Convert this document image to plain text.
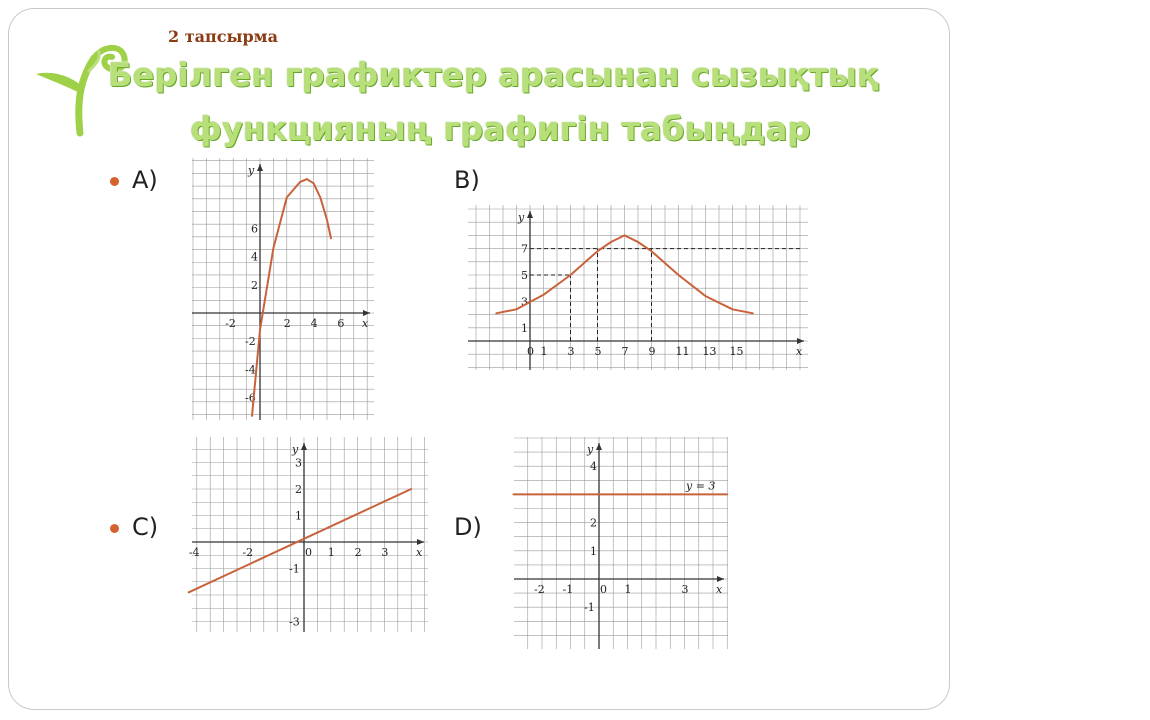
2 тапсырма
Берілген графиктер арасынан сызықтық
функцияның графигін табыңдар
A)	B)
C)	D)
x
y
-2	2 4 6
6
4
2
-2
-4
-6
x
y
0 1 3 5 7 9 11 13 15
1
3
5
7
x
y
-4	-2	0 1 2 3
3
2
1
-1
-3
x
y
-2 -1 0 1	3
4
2
1
-1
y = 3
